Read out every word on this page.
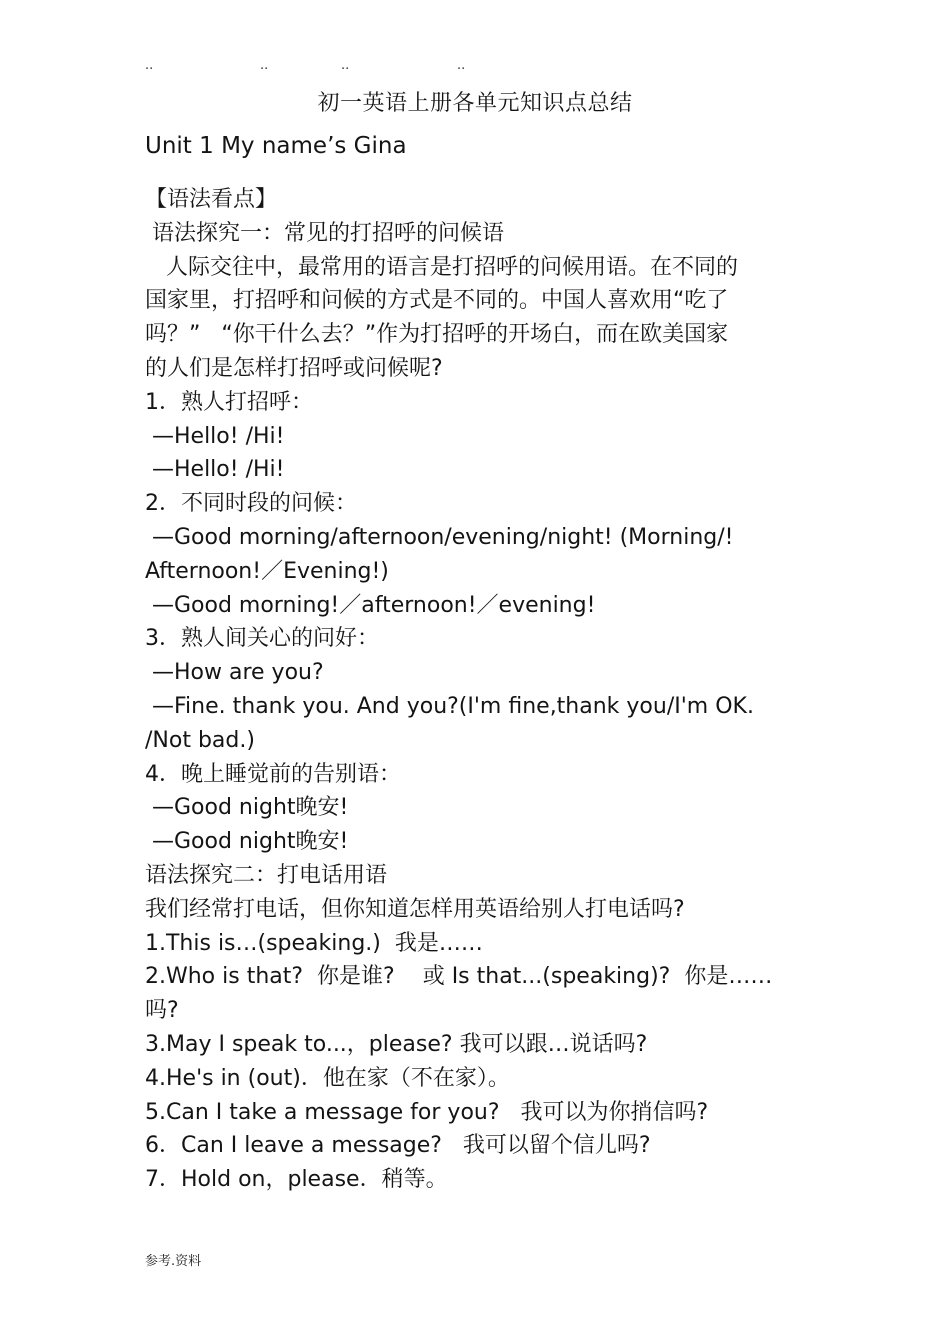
..	..	..	..
初一英语上册各单元知识点总结
Unit 1 My name’s Gina
【语法看点】
语法探究一：常见的打招呼的问候语
人际交往中，最常用的语言是打招呼的问候用语。在不同的
国家里，打招呼和问候的方式是不同的。中国人喜欢用“吃了
吗？”   “你干什么去？”作为打招呼的开场白，而在欧美国家
的人们是怎样打招呼或问候呢?
1．熟人打招呼：
—Hello! /Hi!
—Hello! /Hi!
2．不同时段的问候：
—Good morning/afternoon/evening/night! (Morning/!
Afternoon!／Evening!)
—Good morning!／afternoon!／evening!
3．熟人间关心的问好：
—How are you?
—Fine. thank you. And you?(I'm fine,thank you/I'm OK.
/Not bad.)
4．晚上睡觉前的告别语：
—Good night晚安!
—Good night晚安!
语法探究二：打电话用语
我们经常打电话，但你知道怎样用英语给别人打电话吗?
1.This is…(speaking.)  我是……
2.Who is that?  你是谁?    或 Is that...(speaking)?  你是……
吗?
3.May I speak to...，please? 我可以跟…说话吗?
4.He's in (out)．他在家（不在家）。
5.Can I take a message for you?   我可以为你捎信吗?
6．Can I leave a message?   我可以留个信儿吗?
7．Hold on，please．稍等。
参考.资料
